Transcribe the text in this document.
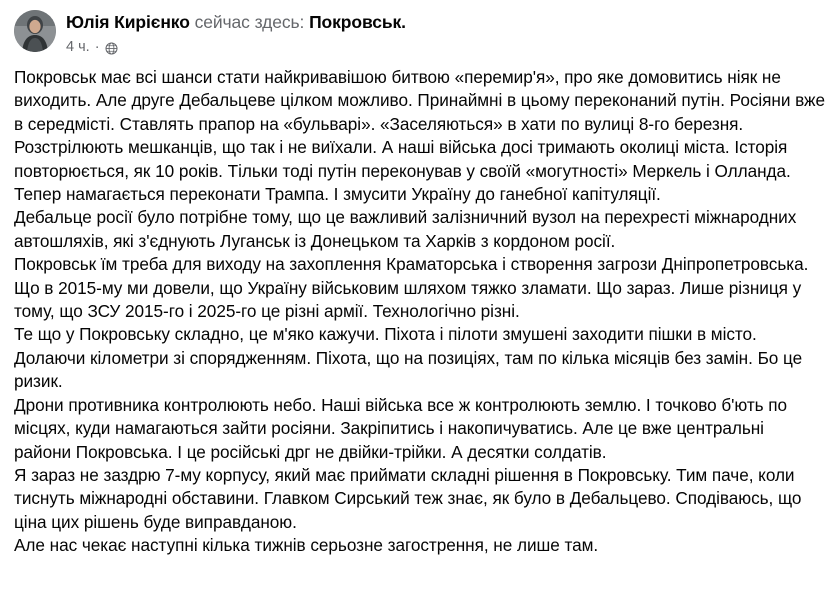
Юлія Кирієнко сейчас здесь: Покровськ.
4 ч. ·

Покровськ має всі шанси стати найкривавішою битвою «перемир'я», про яке домовитись ніяк не виходить. Але друге Дебальцеве цілком можливо. Принаймні в цьому переконаний путін. Росіяни вже в середмісті. Ставлять прапор на «бульварі». «Заселяються» в хати по вулиці 8-го березня. Розстрілюють мешканців, що так і не виїхали. А наші війська досі тримають околиці міста. Історія повторюється, як 10 років. Тільки тоді путін переконував у своїй «могутності» Меркель і Олланда.

Тепер намагається переконати Трампа. І змусити Україну до ганебної капітуляції.

Дебальце росії було потрібне тому, що це важливий залізничний вузол на перехресті міжнародних автошляхів, які з'єднують Луганськ із Донецьком та Харків з кордоном росії.

Покровськ їм треба для виходу на захоплення Краматорська і створення загрози Дніпропетровська.

Що в 2015-му ми довели, що Україну військовим шляхом тяжко зламати. Що зараз. Лише різниця у тому, що ЗСУ 2015-го і 2025-го це різні армії. Технологічно різні.

Те що у Покровську складно, це м'яко кажучи. Піхота і пілоти змушені заходити пішки в місто. Долаючи кілометри зі спорядженням. Піхота, що на позиціях, там по кілька місяців без замін. Бо це ризик.

Дрони противника контролюють небо. Наші війська все ж контролюють землю. І точково б'ють по місцях, куди намагаються зайти росіяни. Закріпитись і накопичуватись. Але це вже центральні райони Покровська. І це російські дрг не двійки-трійки. А десятки солдатів.

Я зараз не заздрю 7-му корпусу, який має приймати складні рішення в Покровську. Тим паче, коли тиснуть міжнародні обставини. Главком Сирський теж знає, як було в Дебальцево. Сподіваюсь, що ціна цих рішень буде виправданою.

Але нас чекає наступні кілька тижнів серьозне загострення, не лише там.
